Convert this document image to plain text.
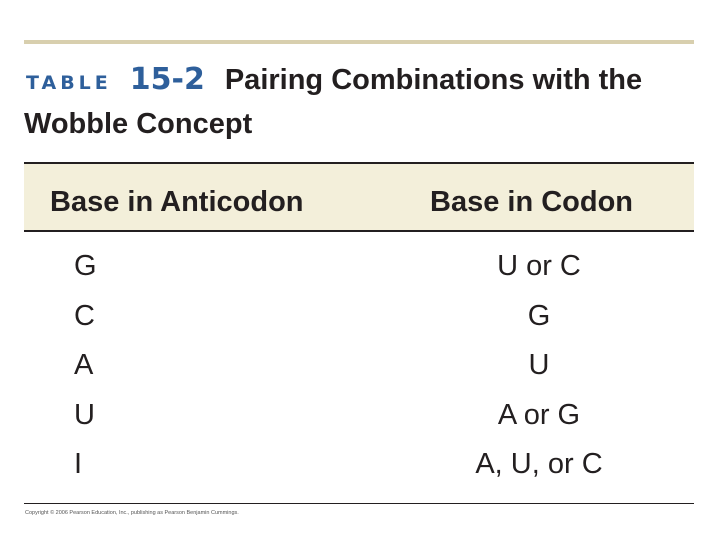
TABLE 15-2 Pairing Combinations with the
Wobble Concept
Base in Anticodon	Base in Codon
G	U or C
C	G
A	U
U	A or G
I	A, U, or C
Copyright © 2006 Pearson Education, Inc., publishing as Pearson Benjamin Cummings.
